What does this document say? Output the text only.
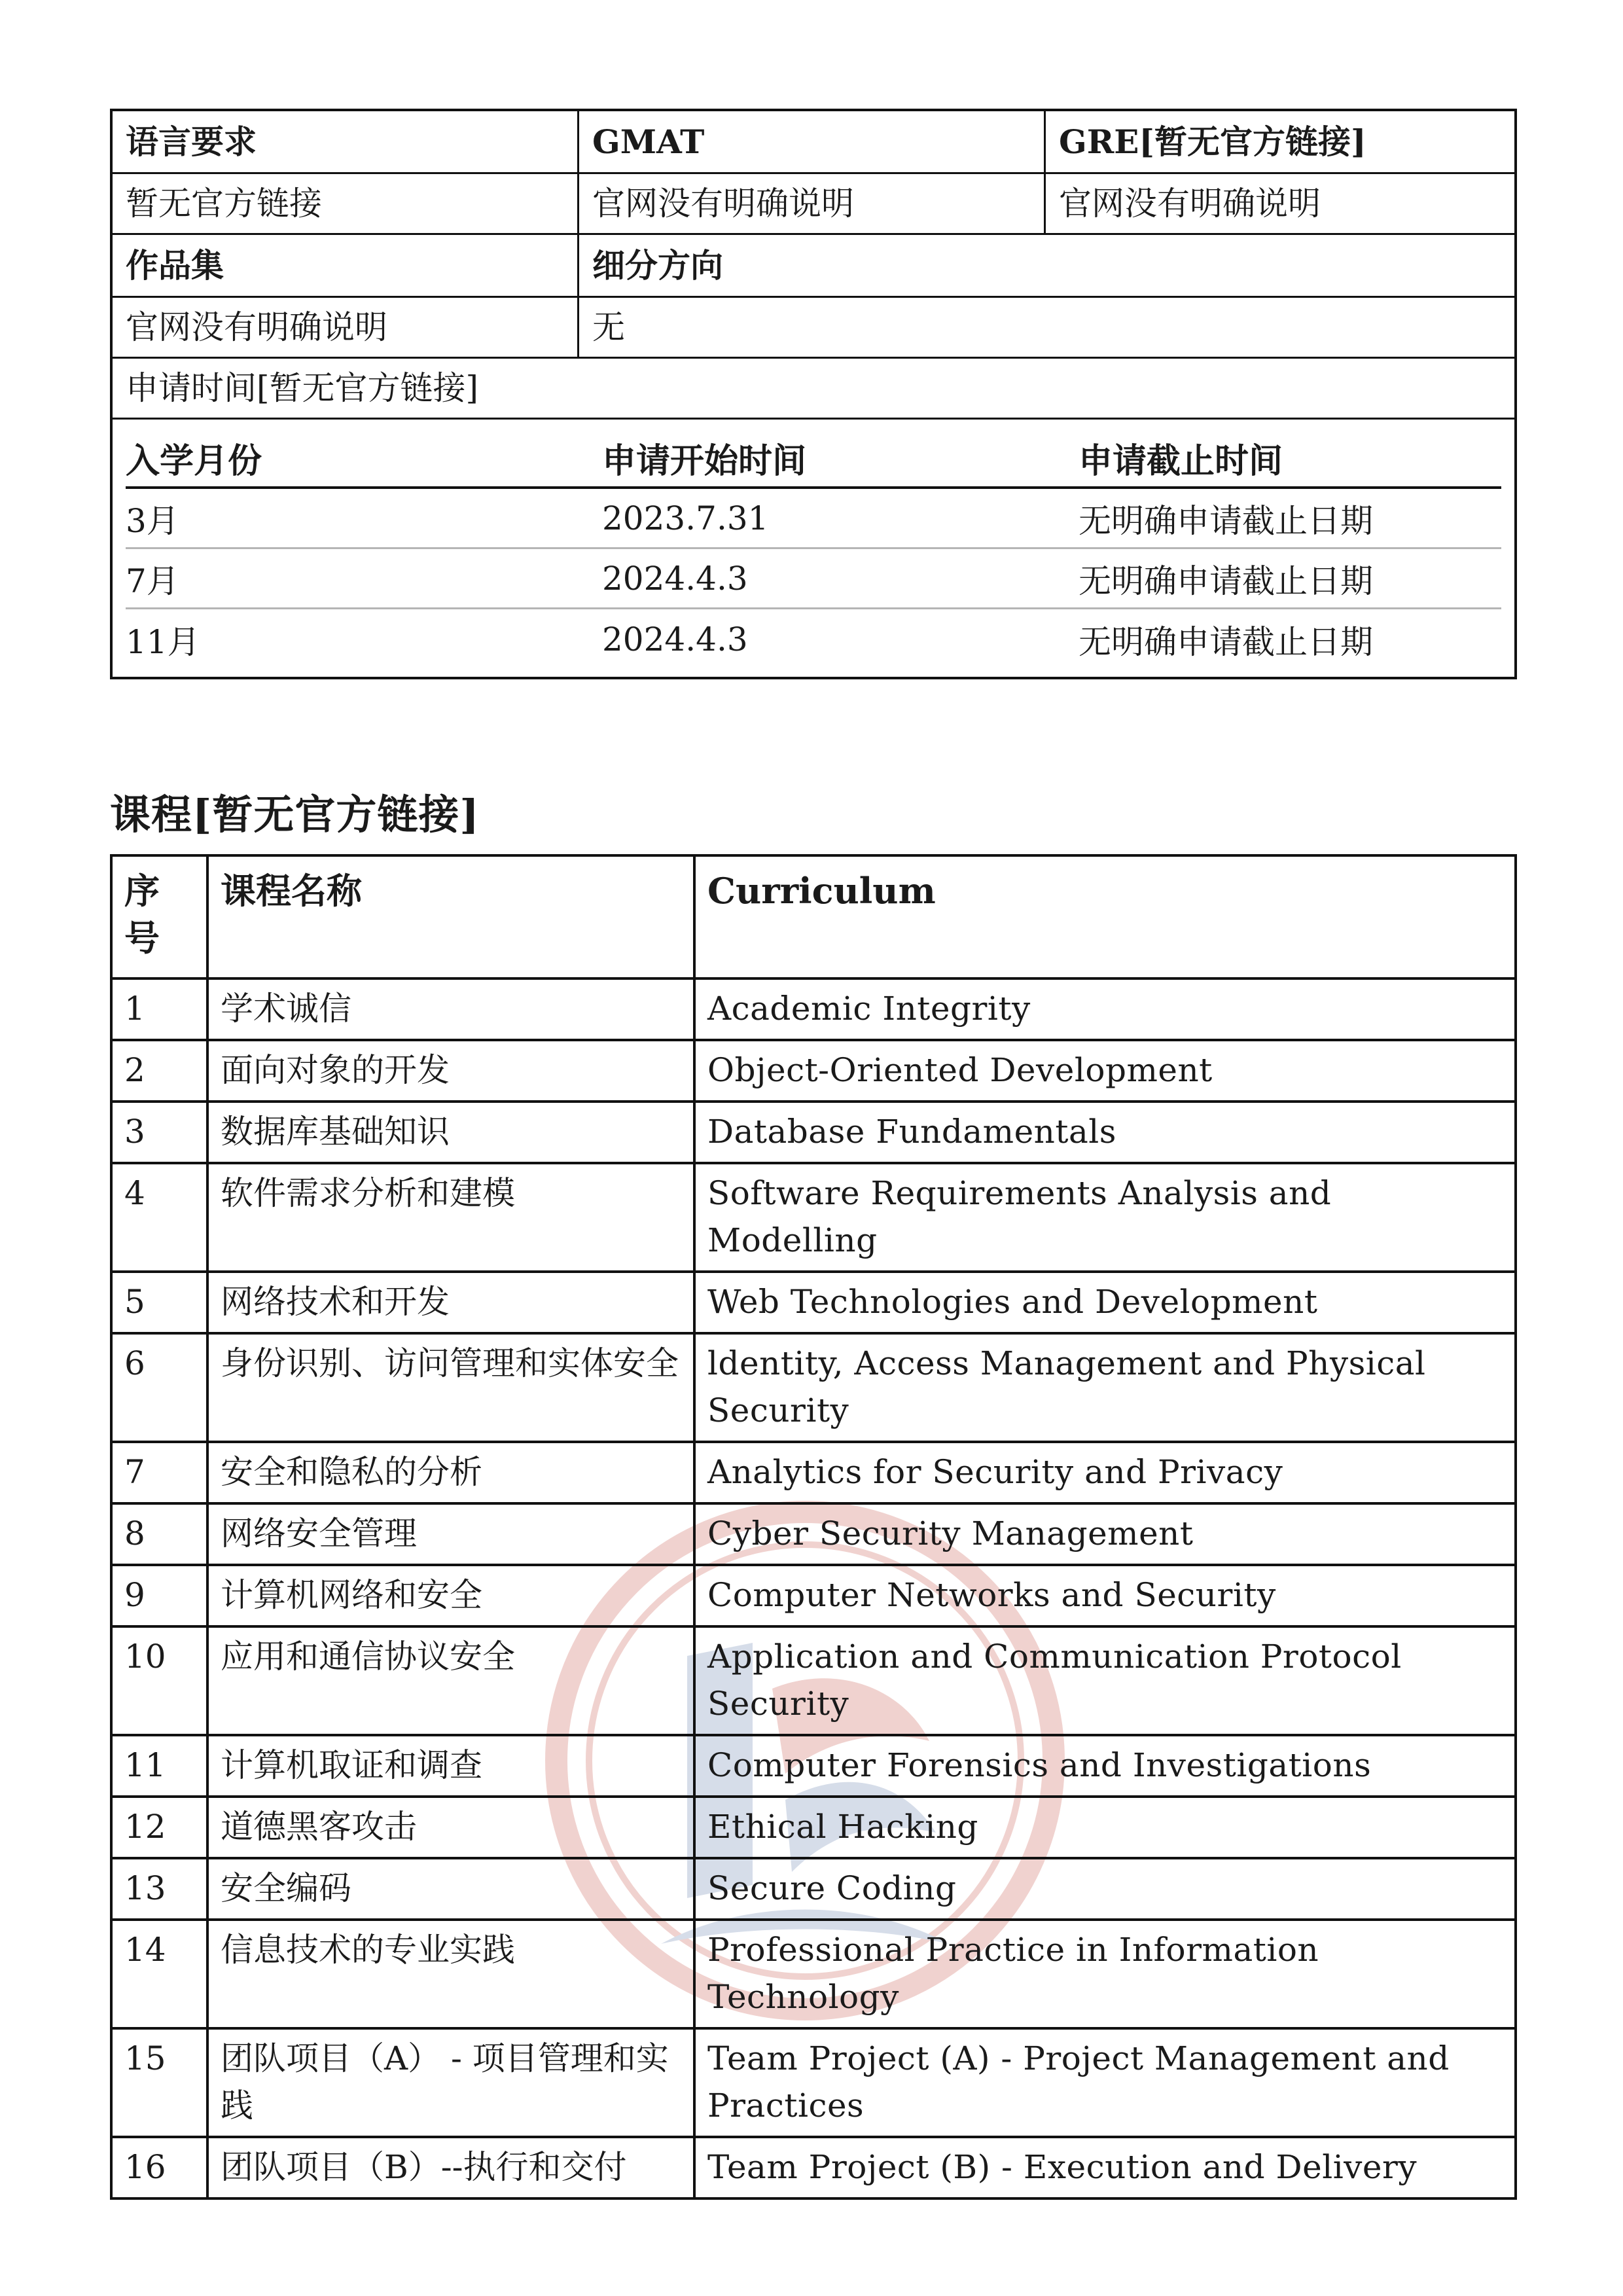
语言要求	GMAT	GRE[暂无官方链接]
暂无官方链接	官网没有明确说明	官网没有明确说明
作品集	细分方向
官网没有明确说明	无
申请时间[暂无官方链接]
入学月份	申请开始时间	申请截止时间
3月	2023.7.31	无明确申请截止日期
7月	2024.4.3	无明确申请截止日期
11月	2024.4.3	无明确申请截止日期
课程[暂无官方链接]
序号	课程名称	Curriculum
1	学术诚信	Academic Integrity
2	面向对象的开发	Object-Oriented Development
3	数据库基础知识	Database Fundamentals
4	软件需求分析和建模	Software Requirements Analysis and Modelling
5	网络技术和开发	Web Technologies and Development
6	身份识别、访问管理和实体安全	ldentity, Access Management and Physical Security
7	安全和隐私的分析	Analytics for Security and Privacy
8	网络安全管理	Cyber Security Management
9	计算机网络和安全	Computer Networks and Security
10	应用和通信协议安全	Application and Communication Protocol Security
11	计算机取证和调查	Computer Forensics and Investigations
12	道德黑客攻击	Ethical Hacking
13	安全编码	Secure Coding
14	信息技术的专业实践	Professional Practice in Information Technology
15	团队项目（A） - 项目管理和实践	Team Project (A) - Project Management and Practices
16	团队项目（B）--执行和交付	Team Project (B) - Execution and Delivery
